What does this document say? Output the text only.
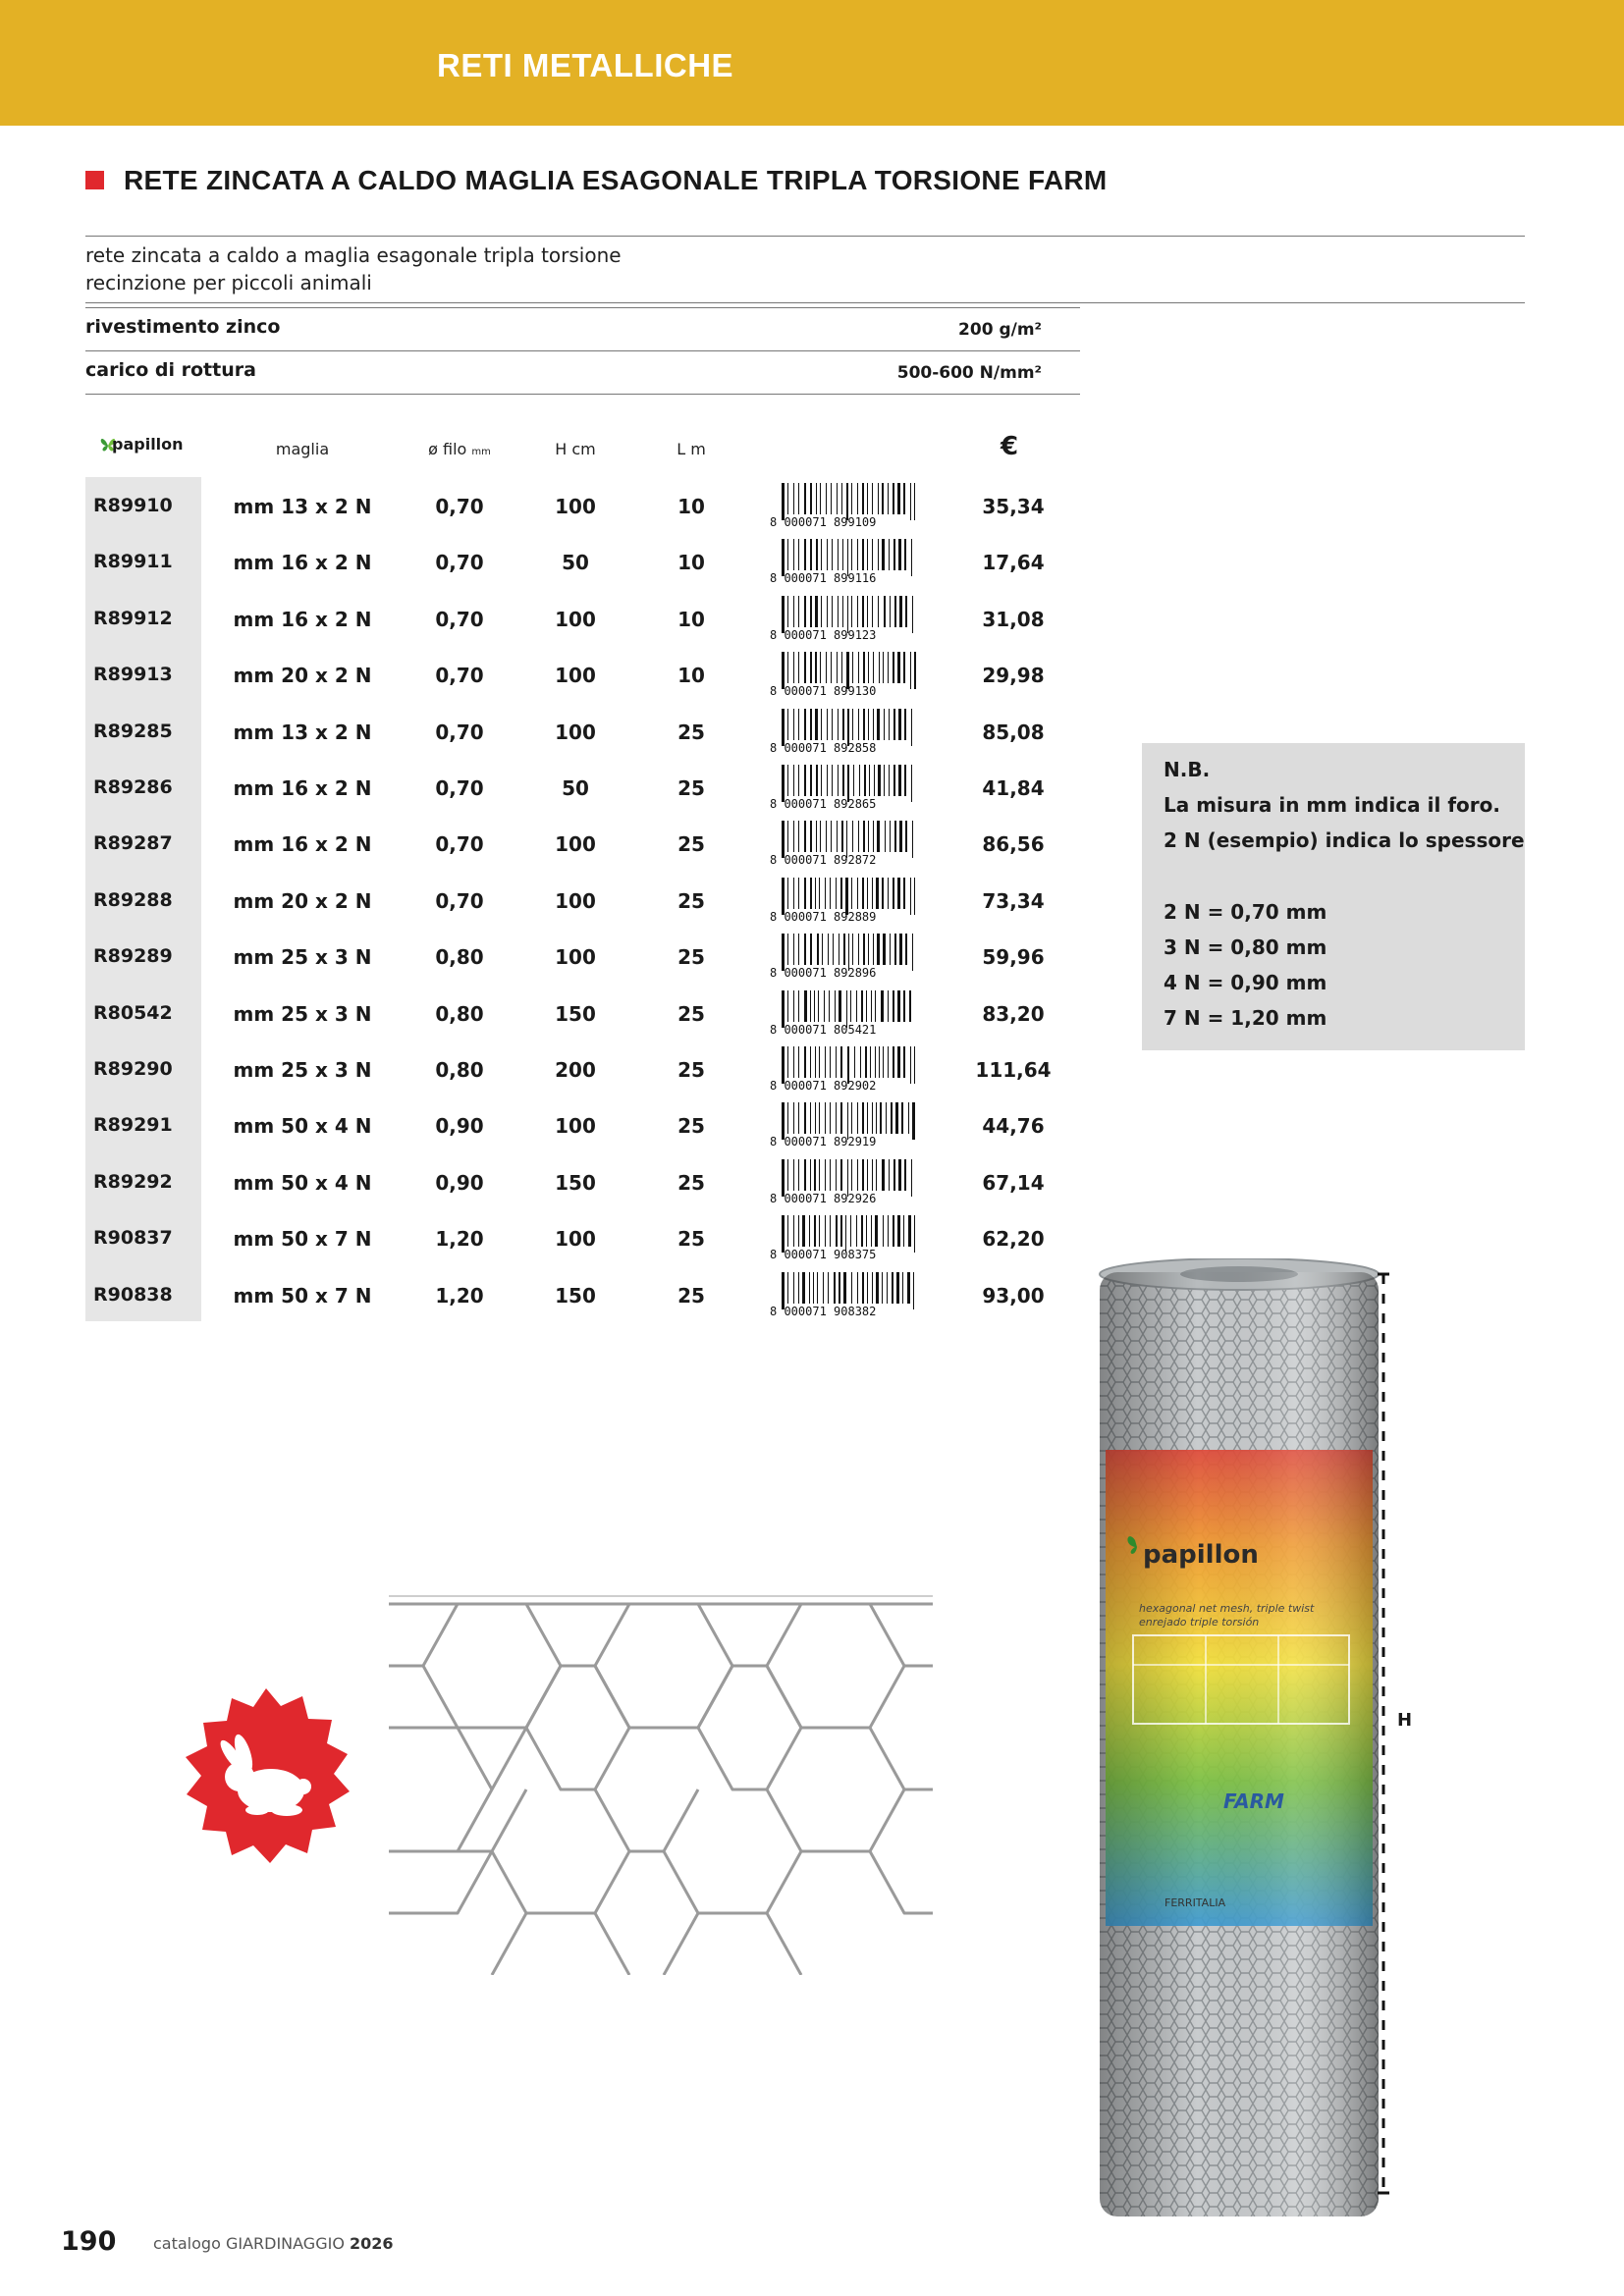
RETI METALLICHE
RETE ZINCATA A CALDO MAGLIA ESAGONALE TRIPLA TORSIONE FARM
rete zincata a caldo a maglia esagonale tripla torsione
recinzione per piccoli animali
rivestimento zinco	200 g/m²
carico di rottura	500-600 N/mm²
papillon	maglia	ø filo mm	H cm	L m	€
R89910	mm 13 x 2 N	0,70	100	10	35,34
8 000071 899109
R89911	mm 16 x 2 N	0,70	50	10	17,64
8 000071 899116
R89912	mm 16 x 2 N	0,70	100	10	31,08
8 000071 899123
R89913	mm 20 x 2 N	0,70	100	10	29,98
8 000071 899130
R89285	mm 13 x 2 N	0,70	100	25	85,08
8 000071 892858
R89286	mm 16 x 2 N	0,70	50	25	41,84
8 000071 892865
R89287	mm 16 x 2 N	0,70	100	25	86,56
8 000071 892872
R89288	mm 20 x 2 N	0,70	100	25	73,34
8 000071 892889
R89289	mm 25 x 3 N	0,80	100	25	59,96
8 000071 892896
R80542	mm 25 x 3 N	0,80	150	25	83,20
8 000071 805421
R89290	mm 25 x 3 N	0,80	200	25	111,64
8 000071 892902
R89291	mm 50 x 4 N	0,90	100	25	44,76
8 000071 892919
R89292	mm 50 x 4 N	0,90	150	25	67,14
8 000071 892926
R90837	mm 50 x 7 N	1,20	100	25	62,20
8 000071 908375
R90838	mm 50 x 7 N	1,20	150	25	93,00
8 000071 908382
N.B.
La misura in mm indica il foro.
2 N (esempio) indica lo spessore
2 N = 0,70 mm
3 N = 0,80 mm
4 N = 0,90 mm
7 N = 1,20 mm
papillon
hexagonal net mesh, triple twist
enrejado triple torsión
FARM
FERRITALIA
H
190 catalogo GIARDINAGGIO 2026
